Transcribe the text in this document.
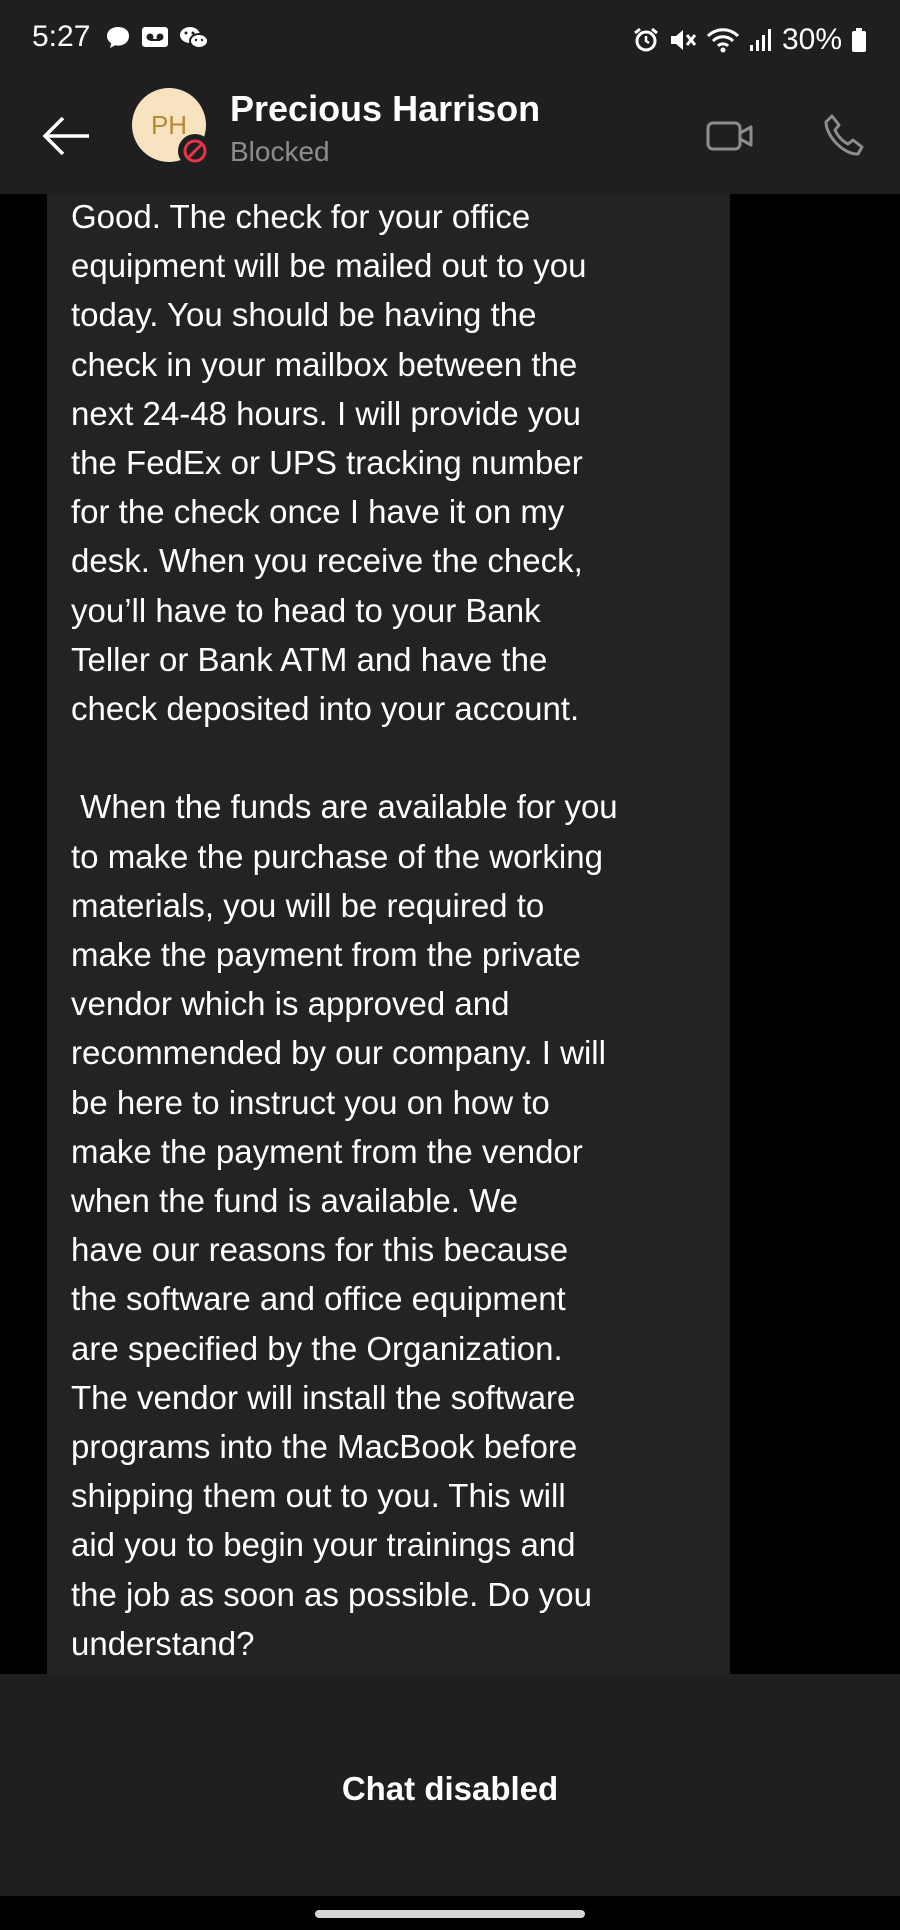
5:27	30%
PH Precious Harrison
Blocked

Good. The check for your office
equipment will be mailed out to you
today. You should be having the
check in your mailbox between the
next 24-48 hours. I will provide you
the FedEx or UPS tracking number
for the check once I have it on my
desk. When you receive the check,
you’ll have to head to your Bank
Teller or Bank ATM and have the
check deposited into your account.

When the funds are available for you
to make the purchase of the working
materials, you will be required to
make the payment from the private
vendor which is approved and
recommended by our company. I will
be here to instruct you on how to
make the payment from the vendor
when the fund is available. We
have our reasons for this because
the software and office equipment
are specified by the Organization.
The vendor will install the software
programs into the MacBook before
shipping them out to you. This will
aid you to begin your trainings and
the job as soon as possible. Do you
understand?

Chat disabled
